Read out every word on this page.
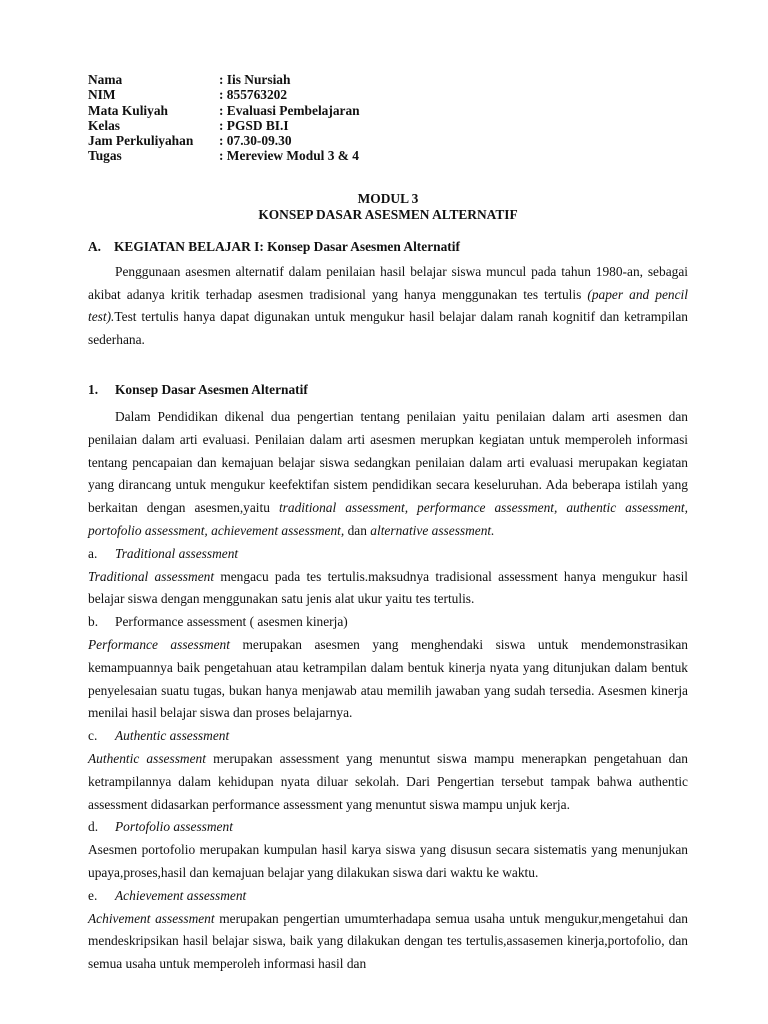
Nama	: Iis Nursiah
NIM	: 855763202
Mata Kuliyah	: Evaluasi Pembelajaran
Kelas	: PGSD BI.I
Jam Perkuliyahan	: 07.30-09.30
Tugas	: Mereview Modul 3 & 4
MODUL 3
KONSEP DASAR ASESMEN ALTERNATIF
A. KEGIATAN BELAJAR I: Konsep Dasar Asesmen Alternatif

Penggunaan asesmen alternatif dalam penilaian hasil belajar siswa muncul pada tahun 1980-an, sebagai akibat adanya kritik terhadap asesmen tradisional yang hanya menggunakan tes tertulis (paper and pencil test).Test tertulis hanya dapat digunakan untuk mengukur hasil belajar dalam ranah kognitif dan ketrampilan sederhana.

1. Konsep Dasar Asesmen Alternatif

Dalam Pendidikan dikenal dua pengertian tentang penilaian yaitu penilaian dalam arti asesmen dan penilaian dalam arti evaluasi. Penilaian dalam arti asesmen merupkan kegiatan untuk memperoleh informasi tentang pencapaian dan kemajuan belajar siswa sedangkan penilaian dalam arti evaluasi merupakan kegiatan yang dirancang untuk mengukur keefektifan sistem pendidikan secara keseluruhan. Ada beberapa istilah yang berkaitan dengan asesmen,yaitu traditional assessment, performance assessment, authentic assessment, portofolio assessment, achievement assessment, dan alternative assessment.

a. Traditional assessment

Traditional assessment mengacu pada tes tertulis.maksudnya tradisional assessment hanya mengukur hasil belajar siswa dengan menggunakan satu jenis alat ukur yaitu tes tertulis.

b. Performance assessment ( asesmen kinerja)

Performance assessment merupakan asesmen yang menghendaki siswa untuk mendemonstrasikan kemampuannya baik pengetahuan atau ketrampilan dalam bentuk kinerja nyata yang ditunjukan dalam bentuk penyelesaian suatu tugas, bukan hanya menjawab atau memilih jawaban yang sudah tersedia. Asesmen kinerja menilai hasil belajar siswa dan proses belajarnya.

c. Authentic assessment

Authentic assessment merupakan assessment yang menuntut siswa mampu menerapkan pengetahuan dan ketrampilannya dalam kehidupan nyata diluar sekolah. Dari Pengertian tersebut tampak bahwa authentic assessment didasarkan performance assessment yang menuntut siswa mampu unjuk kerja.

d. Portofolio assessment

Asesmen portofolio merupakan kumpulan hasil karya siswa yang disusun secara sistematis yang menunjukan upaya,proses,hasil dan kemajuan belajar yang dilakukan siswa dari waktu ke waktu.

e. Achievement assessment

Achivement assessment merupakan pengertian umumterhadapa semua usaha untuk mengukur,mengetahui dan mendeskripsikan hasil belajar siswa, baik yang dilakukan dengan tes tertulis,assasemen kinerja,portofolio, dan semua usaha untuk memperoleh informasi hasil dan
